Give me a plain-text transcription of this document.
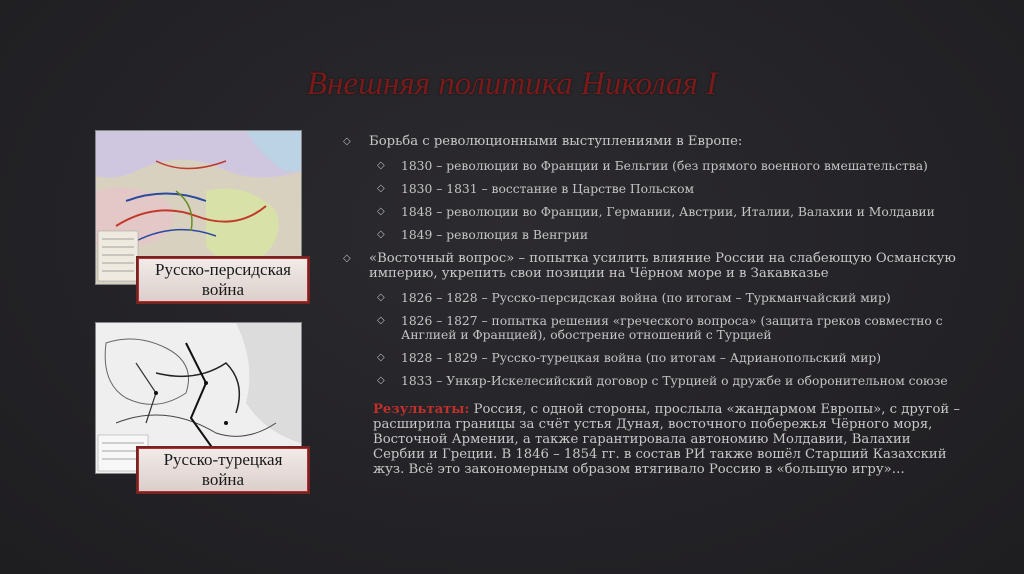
Внешняя политика Николая I
Русско-персидская
война
Русско-турецкая
война
◇ Борьба с революционными выступлениями в Европе:
◇ 1830 – революции во Франции и Бельгии (без прямого военного вмешательства)
◇ 1830 – 1831 – восстание в Царстве Польском
◇ 1848 – революции во Франции, Германии, Австрии, Италии, Валахии и Молдавии
◇ 1849 – революция в Венгрии
◇ «Восточный вопрос» – попытка усилить влияние России на слабеющую Османскую империю, укрепить свои позиции на Чёрном море и в Закавказье
◇ 1826 – 1828 – Русско-персидская война (по итогам – Туркманчайский мир)
◇ 1826 – 1827 – попытка решения «греческого вопроса» (защита греков совместно с Англией и Францией), обострение отношений с Турцией
◇ 1828 – 1829 – Русско-турецкая война (по итогам – Адрианопольский мир)
◇ 1833 – Ункяр-Искелесийский договор с Турцией о дружбе и оборонительном союзе
Результаты: Россия, с одной стороны, прослыла «жандармом Европы», с другой – расширила границы за счёт устья Дуная, восточного побережья Чёрного моря, Восточной Армении, а также гарантировала автономию Молдавии, Валахии Сербии и Греции. В 1846 – 1854 гг. в состав РИ также вошёл Старший Казахский жуз. Всё это закономерным образом втягивало Россию в «большую игру»…
